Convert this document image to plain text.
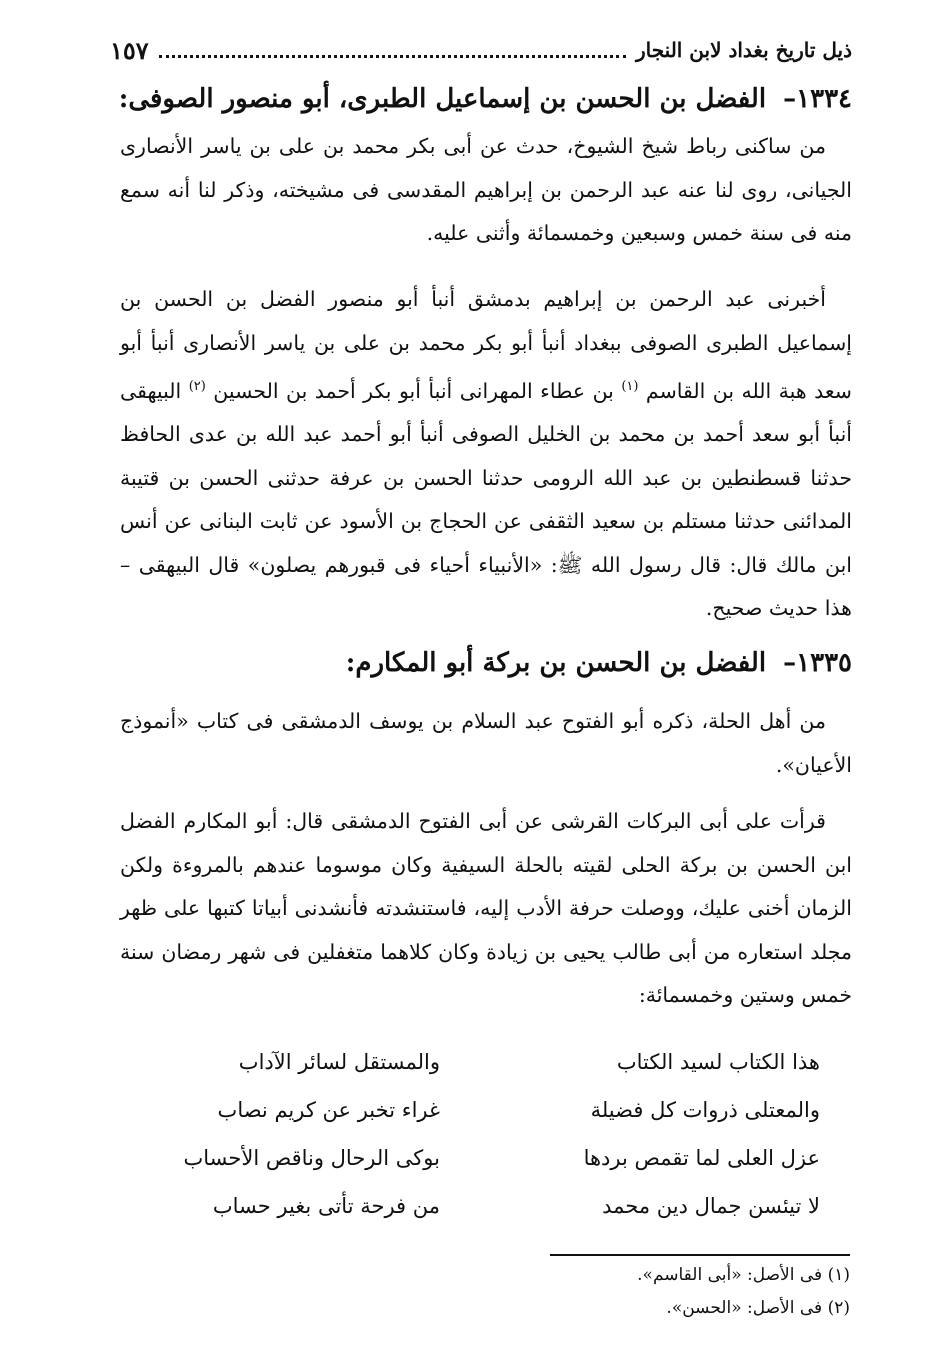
ذيل تاريخ بغداد لابن النجار
١٥٧
١٣٣٤– الفضل بن الحسن بن إسماعيل الطبرى، أبو منصور الصوفى:

من ساكنى رباط شيخ الشيوخ، حدث عن أبى بكر محمد بن على بن ياسر الأنصارى الجيانى، روى لنا عنه عبد الرحمن بن إبراهيم المقدسى فى مشيخته، وذكر لنا أنه سمع منه فى سنة خمس وسبعين وخمسمائة وأثنى عليه.

أخبرنى عبد الرحمن بن إبراهيم بدمشق أنبأ أبو منصور الفضل بن الحسن بن إسماعيل الطبرى الصوفى ببغداد أنبأ أبو بكر محمد بن على بن ياسر الأنصارى أنبأ أبو سعد هبة الله بن القاسم $^{(١)}$ بن عطاء المهرانى أنبأ أبو بكر أحمد بن الحسين $^{(٢)}$ البيهقى أنبأ أبو سعد أحمد بن محمد بن الخليل الصوفى أنبأ أبو أحمد عبد الله بن عدى الحافظ حدثنا قسطنطين بن عبد الله الرومى حدثنا الحسن بن عرفة حدثنى الحسن بن قتيبة المدائنى حدثنا مستلم بن سعيد الثقفى عن الحجاج بن الأسود عن ثابت البنانى عن أنس ابن مالك قال: قال رسول الله ﷺ: «الأنبياء أحياء فى قبورهم يصلون» قال البيهقى – هذا حديث صحيح.

١٣٣٥– الفضل بن الحسن بن بركة أبو المكارم:

من أهل الحلة، ذكره أبو الفتوح عبد السلام بن يوسف الدمشقى فى كتاب «أنموذج الأعيان».

قرأت على أبى البركات القرشى عن أبى الفتوح الدمشقى قال: أبو المكارم الفضل ابن الحسن بن بركة الحلى لقيته بالحلة السيفية وكان موسوما عندهم بالمروءة ولكن الزمان أخنى عليك، ووصلت حرفة الأدب إليه، فاستنشدته فأنشدنى أبياتا كتبها على ظهر مجلد استعاره من أبى طالب يحيى بن زيادة وكان كلاهما متغفلين فى شهر رمضان سنة خمس وستين وخمسمائة:

هذا الكتاب لسيد الكتاب
والمستقل لسائر الآداب
والمعتلى ذروات كل فضيلة
غراء تخبر عن كريم نصاب
عزل العلى لما تقمص بردها
بوكى الرحال وناقص الأحساب
لا تيئسن جمال دين محمد
من فرحة تأتى بغير حساب
(١) فى الأصل: «أبى القاسم».
(٢) فى الأصل: «الحسن».
